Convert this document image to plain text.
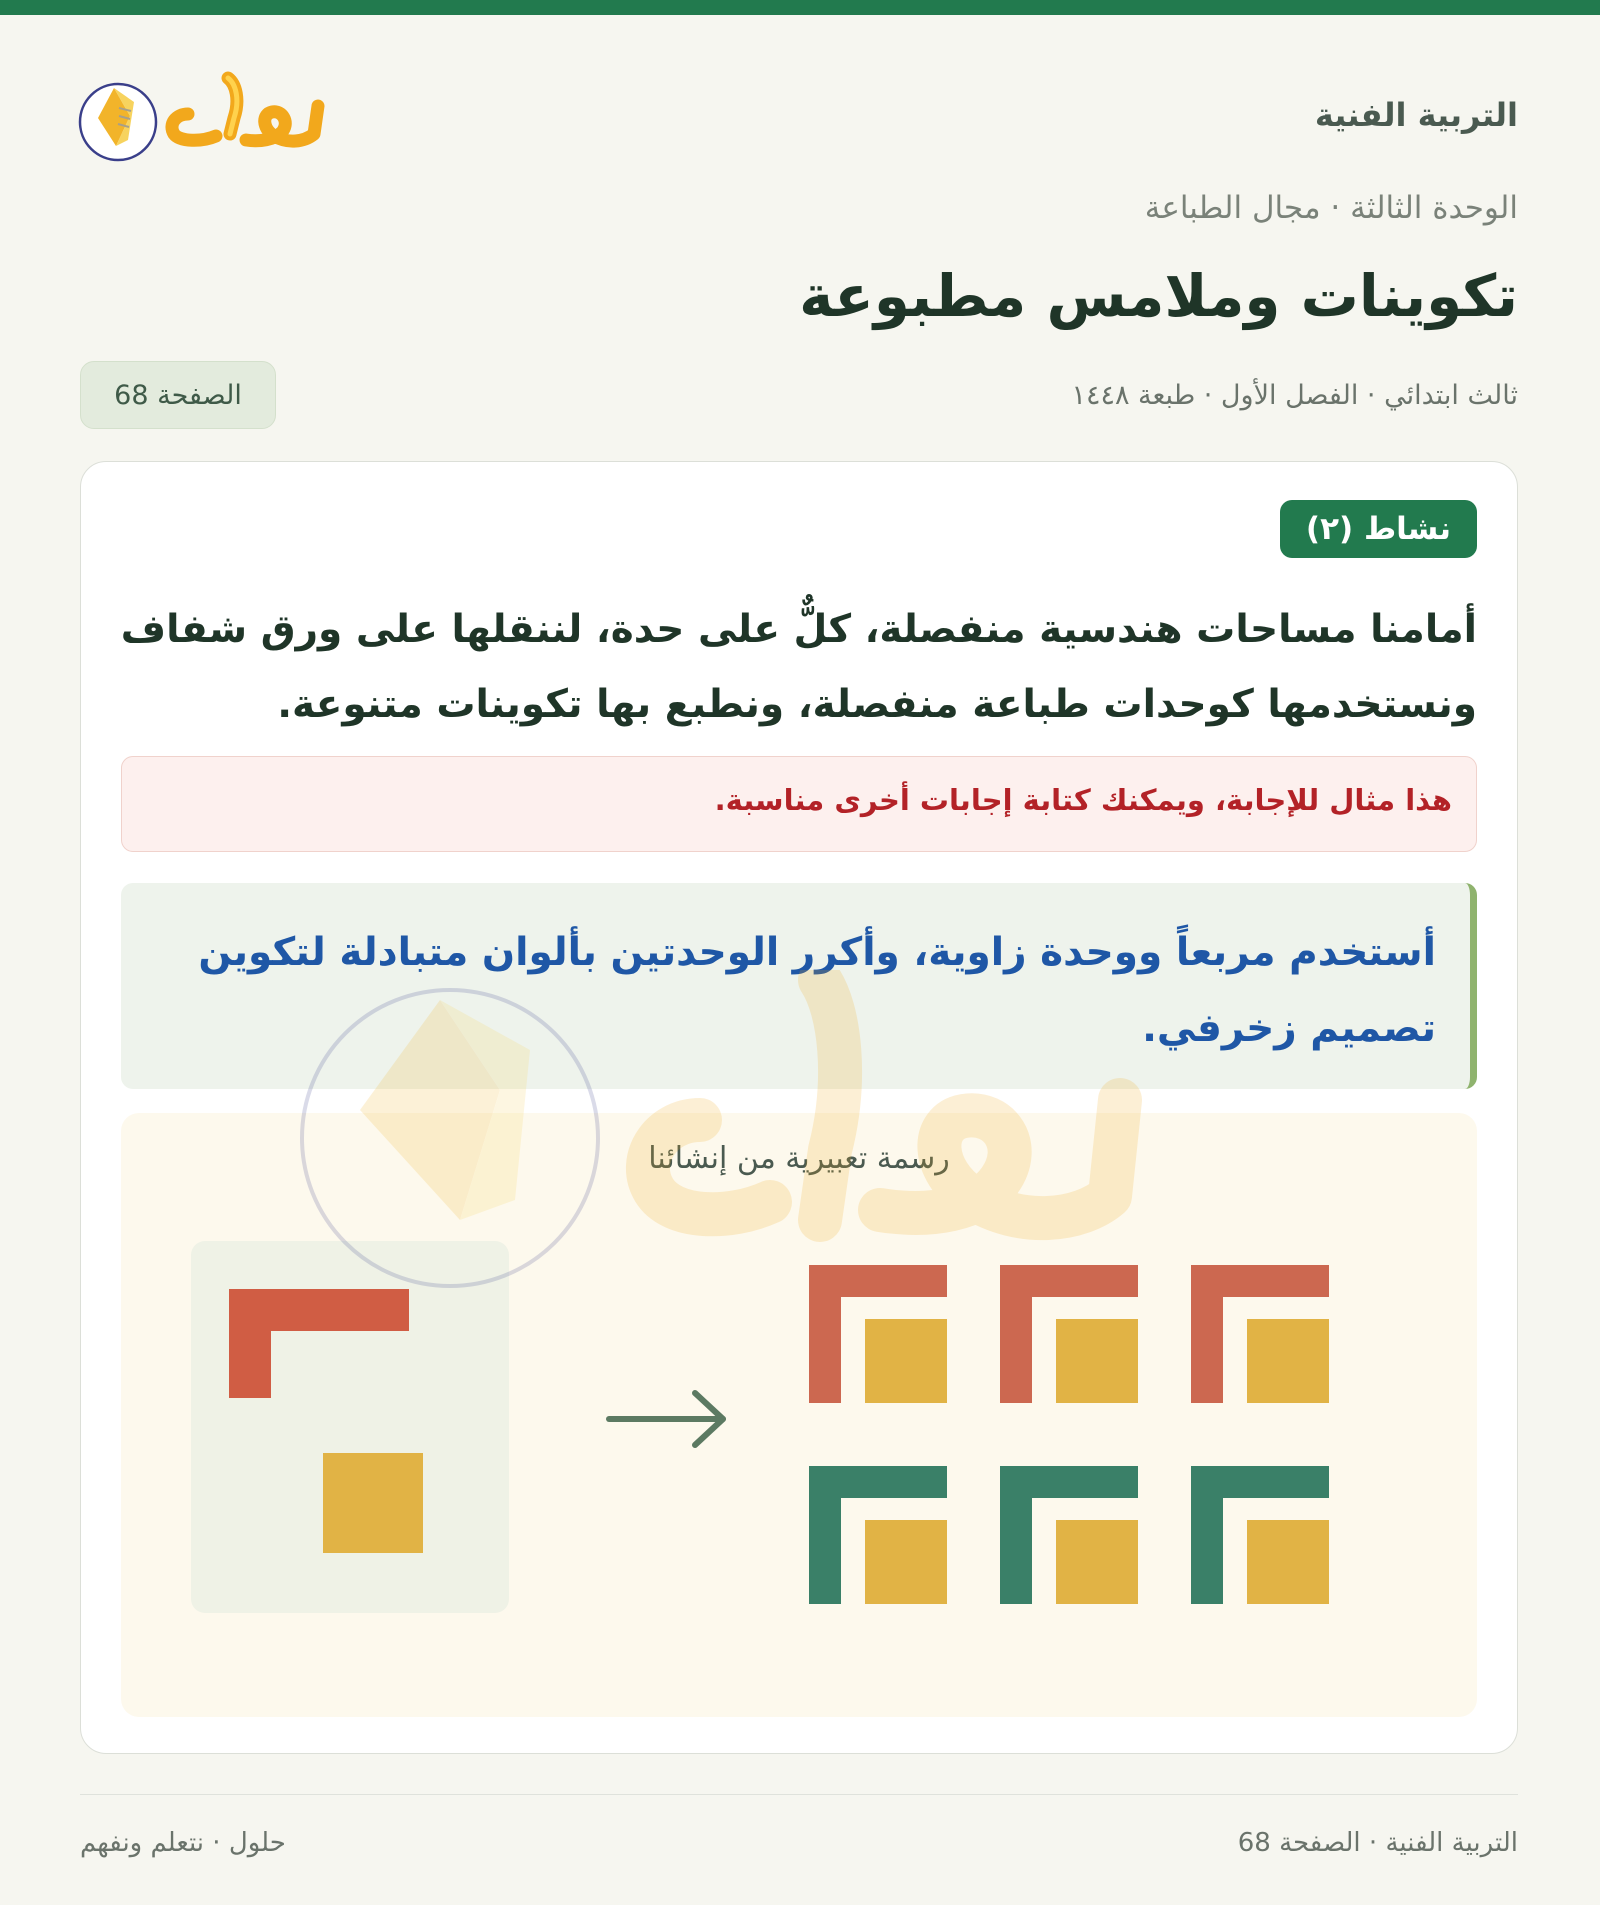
التربية الفنية
الوحدة الثالثة · مجال الطباعة
تكوينات وملامس مطبوعة
ثالث ابتدائي · الفصل الأول · طبعة ١٤٤٨
الصفحة 68
نشاط (٢)

أمامنا مساحات هندسية منفصلة، كلٌّ على حدة، لننقلها على ورق شفاف ونستخدمها كوحدات طباعة منفصلة، ونطبع بها تكوينات متنوعة.

هذا مثال للإجابة، ويمكنك كتابة إجابات أخرى مناسبة.

أستخدم مربعاً ووحدة زاوية، وأكرر الوحدتين بألوان متبادلة لتكوين تصميم زخرفي.

رسمة تعبيرية من إنشائنا
التربية الفنية · الصفحة 68
حلول · نتعلم ونفهم
